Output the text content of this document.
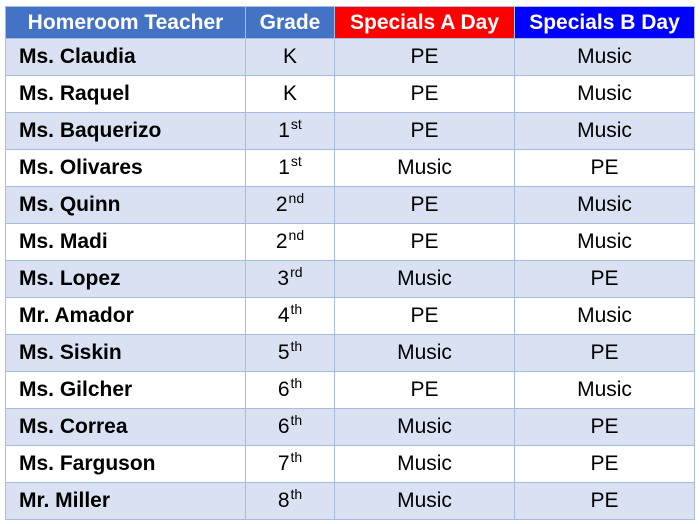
Homeroom Teacher	Grade	Specials A Day	Specials B Day
Ms. Claudia	K	PE	Music
Ms. Raquel	K	PE	Music
Ms. Baquerizo	1st	PE	Music
Ms. Olivares	1st	Music	PE
Ms. Quinn	2nd	PE	Music
Ms. Madi	2nd	PE	Music
Ms. Lopez	3rd	Music	PE
Mr. Amador	4th	PE	Music
Ms. Siskin	5th	Music	PE
Ms. Gilcher	6th	PE	Music
Ms. Correa	6th	Music	PE
Ms. Farguson	7th	Music	PE
Mr. Miller	8th	Music	PE
